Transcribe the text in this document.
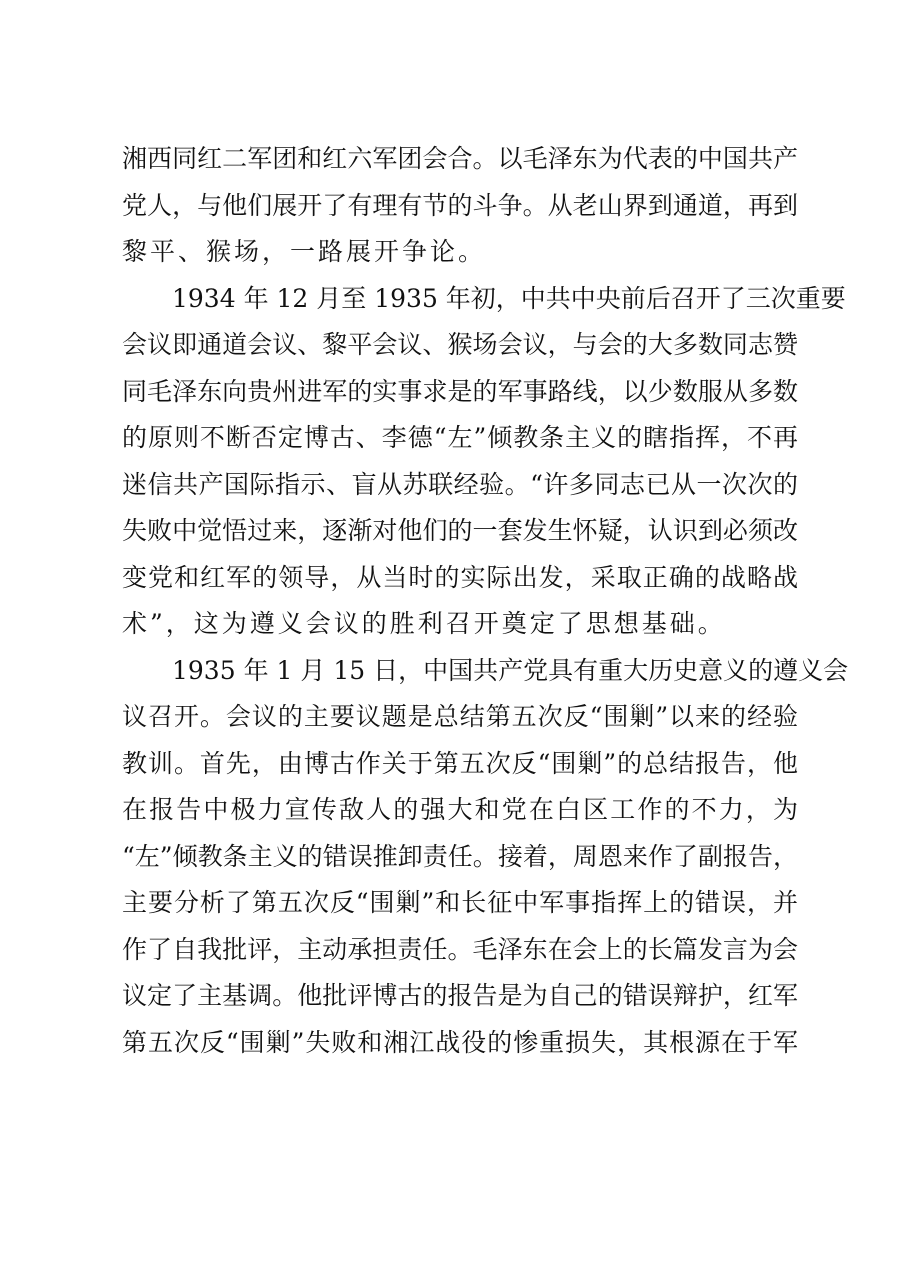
湘西同红二军团和红六军团会合。以毛泽东为代表的中国共产
党人，与他们展开了有理有节的斗争。从老山界到通道，再到
黎平、猴场，一路展开争论。
1934 年 12 月至 1935 年初，中共中央前后召开了三次重要
会议即通道会议、黎平会议、猴场会议，与会的大多数同志赞
同毛泽东向贵州进军的实事求是的军事路线，以少数服从多数
的原则不断否定博古、李德“左”倾教条主义的瞎指挥，不再
迷信共产国际指示、盲从苏联经验。“许多同志已从一次次的
失败中觉悟过来，逐渐对他们的一套发生怀疑，认识到必须改
变党和红军的领导，从当时的实际出发，采取正确的战略战
术”，这为遵义会议的胜利召开奠定了思想基础。
1935 年 1 月 15 日，中国共产党具有重大历史意义的遵义会
议召开。会议的主要议题是总结第五次反“围剿”以来的经验
教训。首先，由博古作关于第五次反“围剿”的总结报告，他
在报告中极力宣传敌人的强大和党在白区工作的不力，为
“左”倾教条主义的错误推卸责任。接着，周恩来作了副报告，
主要分析了第五次反“围剿”和长征中军事指挥上的错误，并
作了自我批评，主动承担责任。毛泽东在会上的长篇发言为会
议定了主基调。他批评博古的报告是为自己的错误辩护，红军
第五次反“围剿”失败和湘江战役的惨重损失，其根源在于军
